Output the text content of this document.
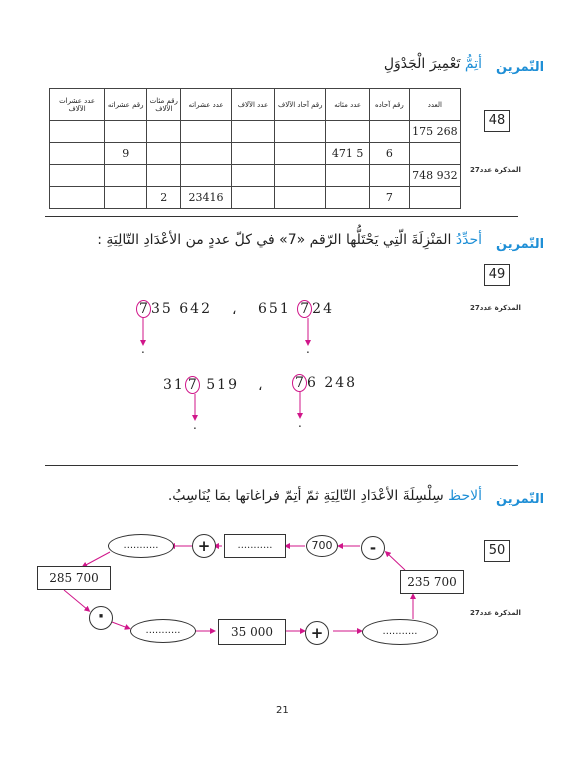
التّمرين
أتِمُّ تَعْمِيرَ الْجَدْوَلِ
48
المذكرة عدد27
العدد	رقم آحاده	عدد مئاته	رقم آحاد الآلاف	عدد الآلاف	عدد عشراته	رقم مئات الآلاف	رقم عشراته	عدد عشرات الآلاف
268 175								
	6	5 471					9	
932 748								
	7				23416	2		
التّمرين
أحدِّدُ المَنْزِلَةَ الّتِي يَحْتَلُّها الرّقم «7» في كلّ عددٍ من الأعْدَادِ التّالِيَةِ :
49
المذكرة عدد27
7 35 642 ، 651 7 24
31 7 519 ، 7 6 248
.	.
.	.
التّمرين
ألاحظ سِلْسِلَةَ الأعْدَادِ التّالِيَةِ ثمّ أتِمّ فراغاتها بمَا يُنَاسِبُ.
50
المذكرة عدد27
285 700	235 700
35 000
...........	700
...........
...........	...........
-
+
·
+
21
